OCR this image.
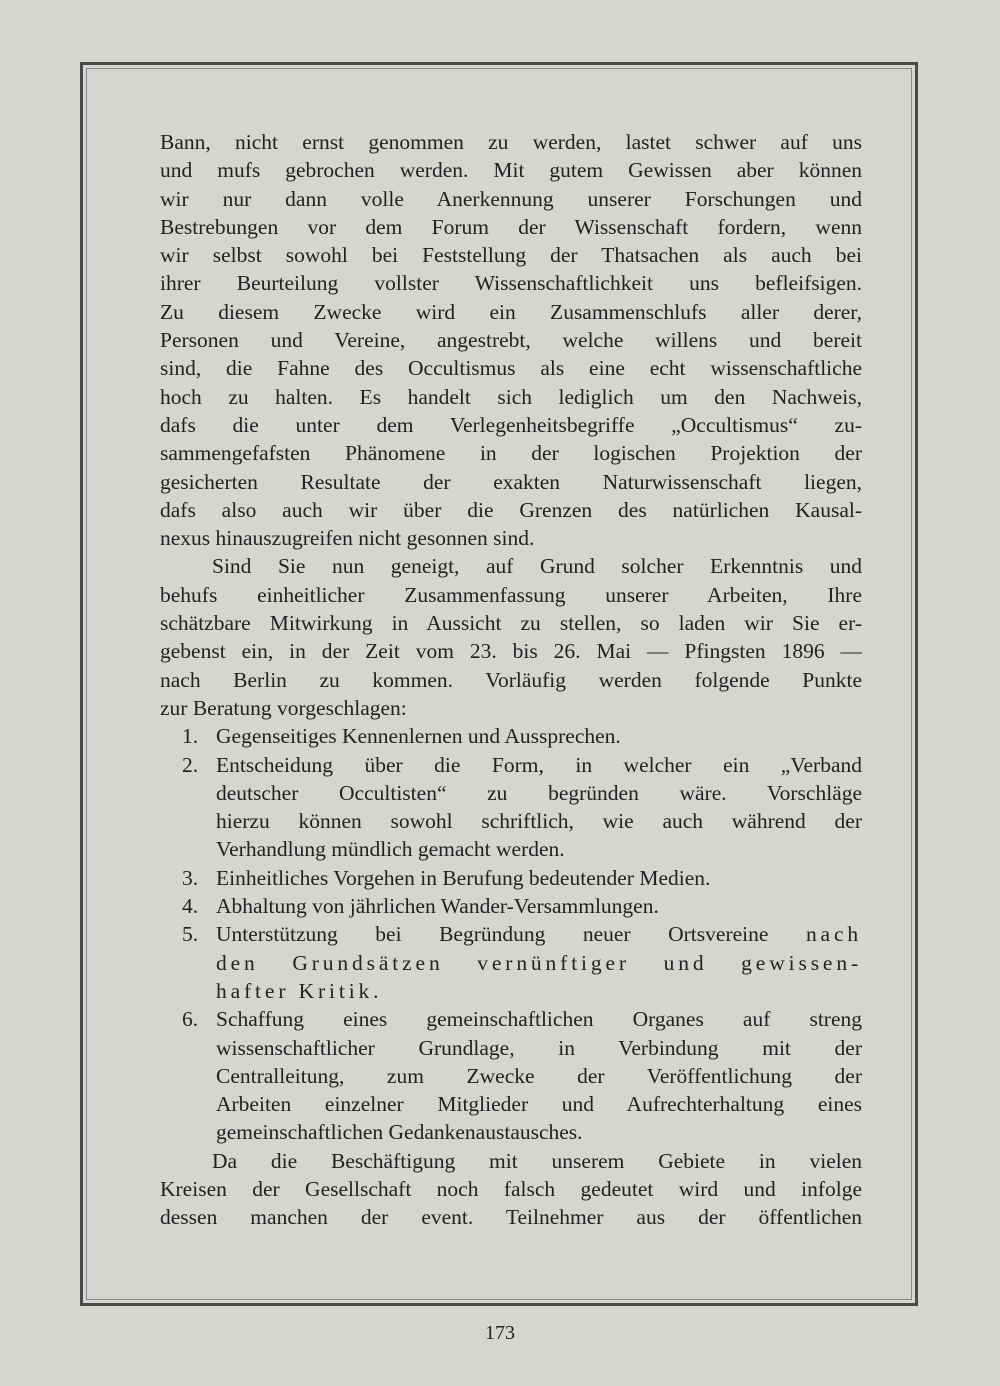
Bann, nicht ernst genommen zu werden, lastet schwer auf uns
und mufs gebrochen werden. Mit gutem Gewissen aber können
wir nur dann volle Anerkennung unserer Forschungen und
Bestrebungen vor dem Forum der Wissenschaft fordern, wenn
wir selbst sowohl bei Feststellung der Thatsachen als auch bei
ihrer Beurteilung vollster Wissenschaftlichkeit uns befleifsigen.
Zu diesem Zwecke wird ein Zusammenschlufs aller derer,
Personen und Vereine, angestrebt, welche willens und bereit
sind, die Fahne des Occultismus als eine echt wissenschaftliche
hoch zu halten. Es handelt sich lediglich um den Nachweis,
dafs die unter dem Verlegenheitsbegriffe „Occultismus“ zu-
sammengefafsten Phänomene in der logischen Projektion der
gesicherten Resultate der exakten Naturwissenschaft liegen,
dafs also auch wir über die Grenzen des natürlichen Kausal-
nexus hinauszugreifen nicht gesonnen sind.
Sind Sie nun geneigt, auf Grund solcher Erkenntnis und
behufs einheitlicher Zusammenfassung unserer Arbeiten, Ihre
schätzbare Mitwirkung in Aussicht zu stellen, so laden wir Sie er-
gebenst ein, in der Zeit vom 23. bis 26. Mai — Pfingsten 1896 —
nach Berlin zu kommen. Vorläufig werden folgende Punkte
zur Beratung vorgeschlagen:
1. Gegenseitiges Kennenlernen und Aussprechen.
2. Entscheidung über die Form, in welcher ein „Verband
deutscher Occultisten“ zu begründen wäre. Vorschläge
hierzu können sowohl schriftlich, wie auch während der
Verhandlung mündlich gemacht werden.
3. Einheitliches Vorgehen in Berufung bedeutender Medien.
4. Abhaltung von jährlichen Wander-Versammlungen.
5. Unterstützung bei Begründung neuer Ortsvereine nach
den Grundsätzen vernünftiger und gewissen-
hafter Kritik.
6. Schaffung eines gemeinschaftlichen Organes auf streng
wissenschaftlicher Grundlage, in Verbindung mit der
Centralleitung, zum Zwecke der Veröffentlichung der
Arbeiten einzelner Mitglieder und Aufrechterhaltung eines
gemeinschaftlichen Gedankenaustausches.
Da die Beschäftigung mit unserem Gebiete in vielen
Kreisen der Gesellschaft noch falsch gedeutet wird und infolge
dessen manchen der event. Teilnehmer aus der öffentlichen
173
